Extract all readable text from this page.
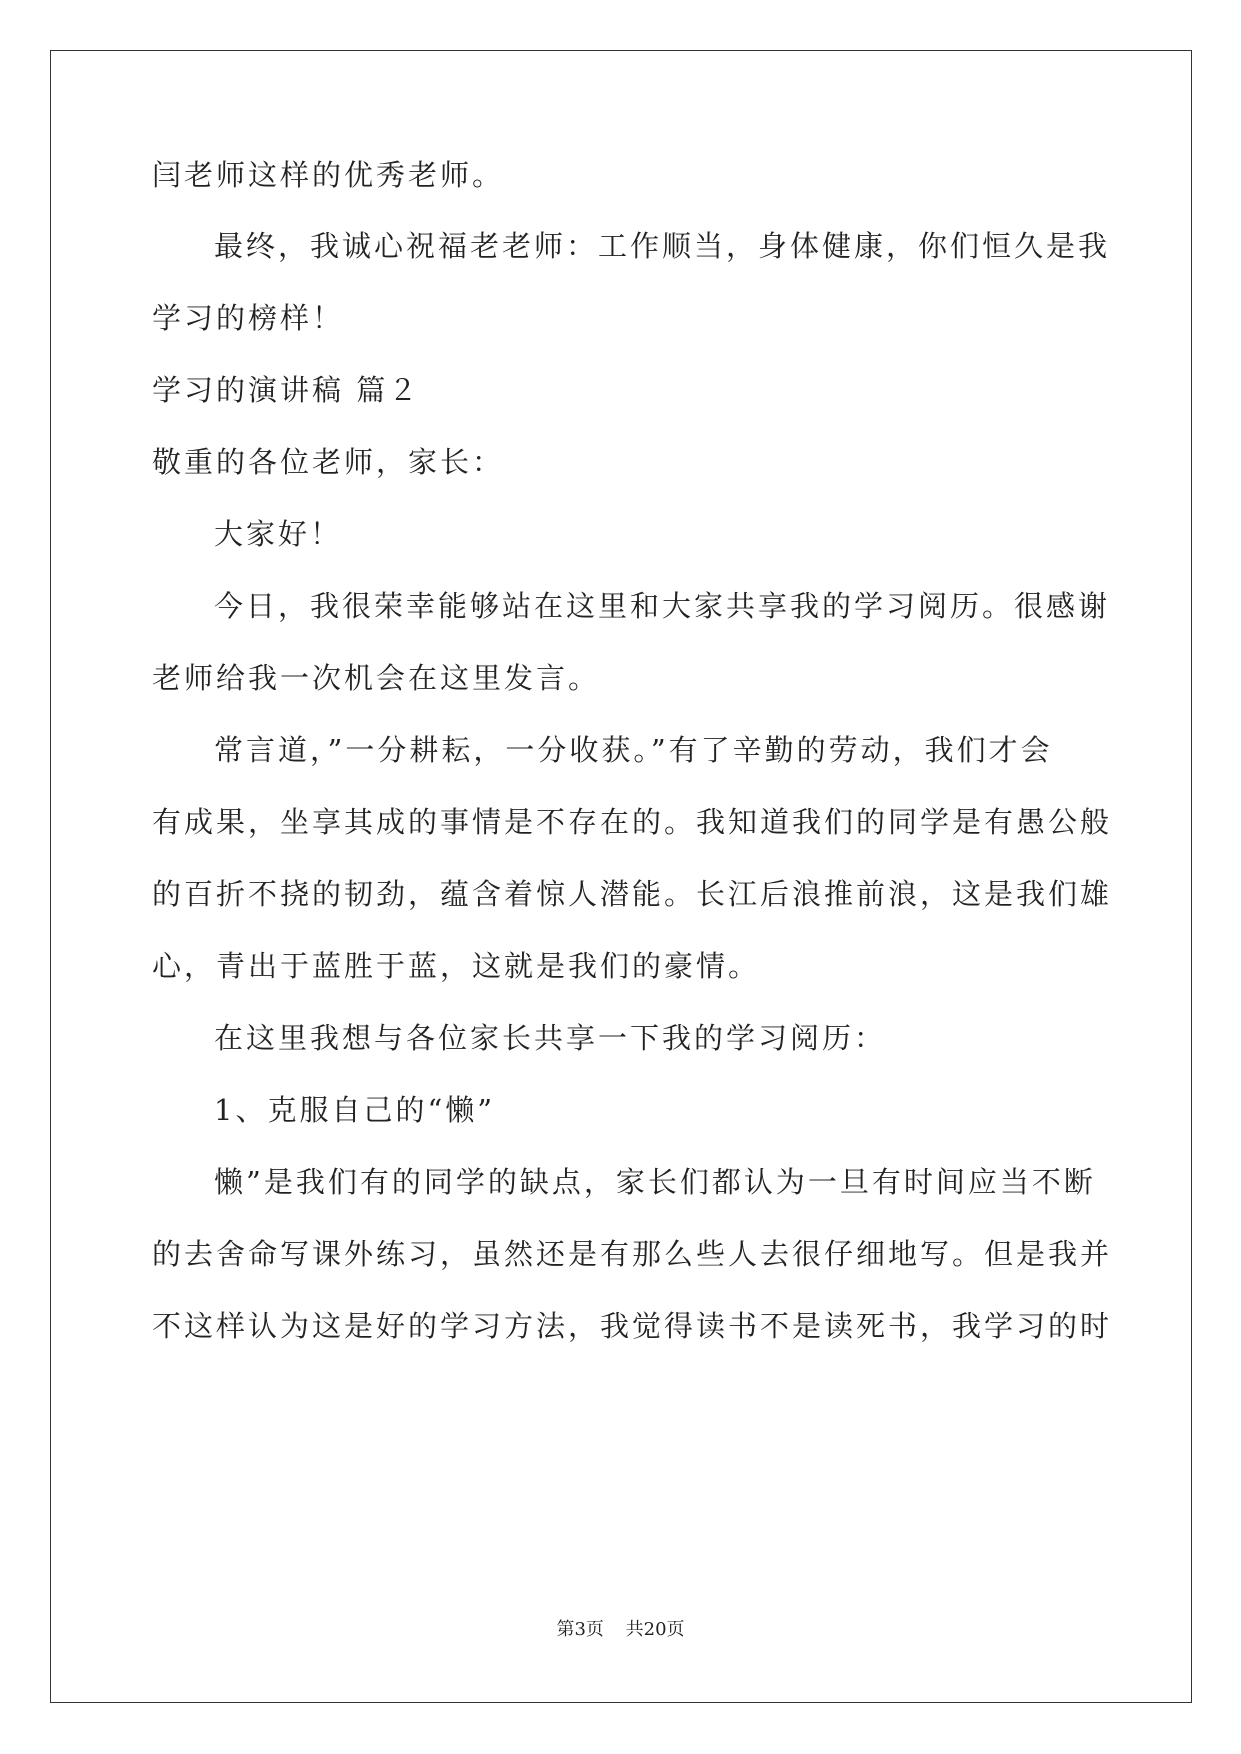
闫老师这样的优秀老师。
最终，我诚心祝福老老师：工作顺当，身体健康，你们恒久是我
学习的榜样！
学习的演讲稿 篇２
敬重的各位老师，家长：
大家好！
今日，我很荣幸能够站在这里和大家共享我的学习阅历。很感谢
老师给我一次机会在这里发言。
常言道，”一分耕耘，一分收获。”有了辛勤的劳动，我们才会
有成果，坐享其成的事情是不存在的。我知道我们的同学是有愚公般
的百折不挠的韧劲，蕴含着惊人潜能。长江后浪推前浪，这是我们雄
心，青出于蓝胜于蓝，这就是我们的豪情。
在这里我想与各位家长共享一下我的学习阅历：
1、克服自己的“懒”
懒”是我们有的同学的缺点，家长们都认为一旦有时间应当不断
的去舍命写课外练习，虽然还是有那么些人去很仔细地写。但是我并
不这样认为这是好的学习方法，我觉得读书不是读死书，我学习的时
第3页 共20页
